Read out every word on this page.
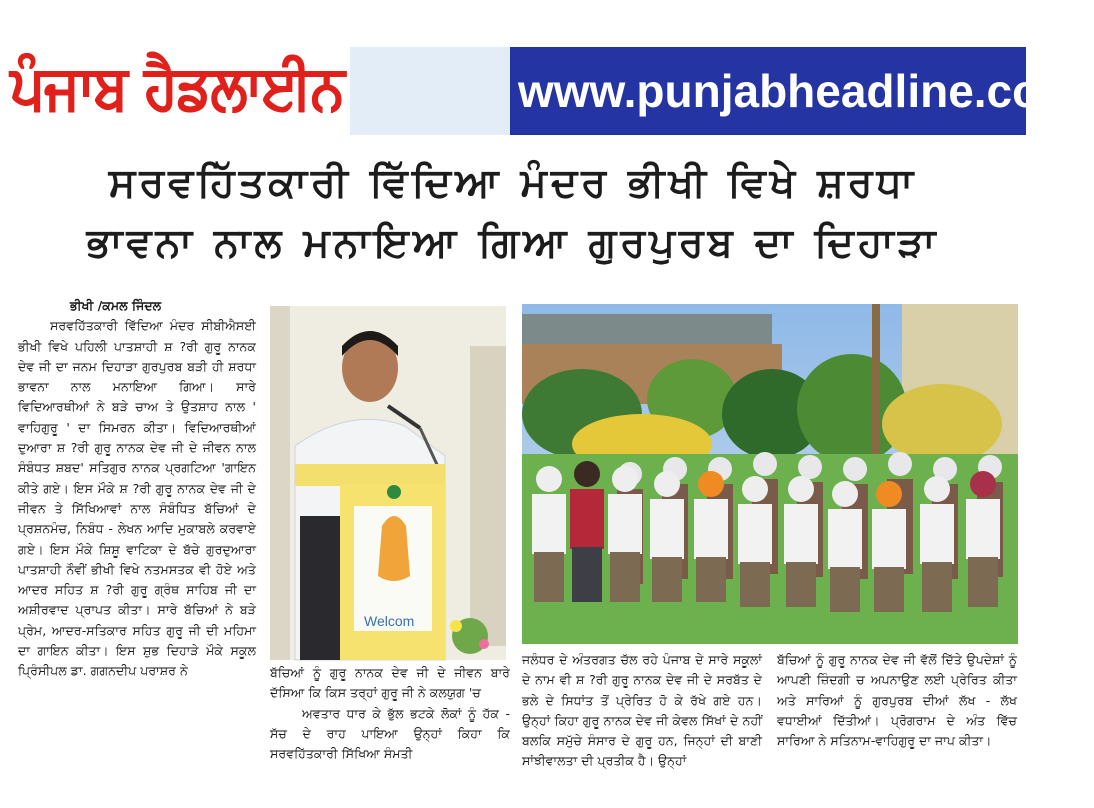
ਪੰਜਾਬ ਹੈਡਲਾਈਨ	www.punjabheadline.co.in
ਸਰਵਹਿੱਤਕਾਰੀ ਵਿੱਦਿਆ ਮੰਦਰ ਭੀਖੀ ਵਿਖੇ ਸ਼ਰਧਾ
ਭਾਵਨਾ ਨਾਲ ਮਨਾਇਆ ਗਿਆ ਗੁਰਪੁਰਬ ਦਾ ਦਿਹਾੜਾ

ਭੀਖੀ /ਕਮਲ ਜਿੰਦਲ

ਸਰਵਹਿੱਤਕਾਰੀ ਵਿੱਦਿਆ ਮੰਦਰ ਸੀਬੀਐਸਈ ਭੀਖੀ ਵਿਖੇ ਪਹਿਲੀ ਪਾਤਸ਼ਾਹੀ ਸ਼ ?ਰੀ ਗੁਰੂ ਨਾਨਕ ਦੇਵ ਜੀ ਦਾ ਜਨਮ ਦਿਹਾੜਾ ਗੁਰਪੁਰਬ ਬੜੀ ਹੀ ਸ਼ਰਧਾ ਭਾਵਨਾ ਨਾਲ ਮਨਾਇਆ ਗਿਆ। ਸਾਰੇ ਵਿਦਿਆਰਥੀਆਂ ਨੇ ਬੜੇ ਚਾਅ ਤੇ ਉਤਸ਼ਾਹ ਨਾਲ ' ਵਾਹਿਗੁਰੂ ' ਦਾ ਸਿਮਰਨ ਕੀਤਾ। ਵਿਦਿਆਰਥੀਆਂ ਦੁਆਰਾ ਸ਼ ?ਰੀ ਗੁਰੂ ਨਾਨਕ ਦੇਵ ਜੀ ਦੇ ਜੀਵਨ ਨਾਲ ਸੰਬੰਧਤ ਸ਼ਬਦ' ਸਤਿਗੁਰ ਨਾਨਕ ਪ੍ਰਗਟਿਆ 'ਗਾਇਨ ਕੀਤੇ ਗਏ। ਇਸ ਮੌਕੇ ਸ਼ ?ਰੀ ਗੁਰੂ ਨਾਨਕ ਦੇਵ ਜੀ ਦੇ ਜੀਵਨ ਤੇ ਸਿੱਖਿਆਵਾਂ ਨਾਲ ਸੰਬੰਧਿਤ ਬੱਚਿਆਂ ਦੇ ਪ੍ਰਸ਼ਨਮੰਚ, ਨਿਬੰਧ - ਲੇਖਨ ਆਦਿ ਮੁਕਾਬਲੇ ਕਰਵਾਏ ਗਏ। ਇਸ ਮੌਕੇ ਸ਼ਿਸ਼ੂ ਵਾਟਿਕਾ ਦੇ ਬੱਚੇ ਗੁਰਦੁਆਰਾ ਪਾਤਸ਼ਾਹੀ ਨੌਵੀਂ ਭੀਖੀ ਵਿਖੇ ਨਤਮਸਤਕ ਵੀ ਹੋਏ ਅਤੇ ਆਦਰ ਸਹਿਤ ਸ਼ ?ਰੀ ਗੁਰੂ ਗ੍ਰੰਥ ਸਾਹਿਬ ਜੀ ਦਾ ਅਸ਼ੀਰਵਾਦ ਪ੍ਰਾਪਤ ਕੀਤਾ। ਸਾਰੇ ਬੱਚਿਆਂ ਨੇ ਬੜੇ ਪ੍ਰੇਮ, ਆਦਰ-ਸਤਿਕਾਰ ਸਹਿਤ ਗੁਰੂ ਜੀ ਦੀ ਮਹਿਮਾ ਦਾ ਗਾਇਨ ਕੀਤਾ। ਇਸ ਸ਼ੁਭ ਦਿਹਾੜੇ ਮੌਕੇ ਸਕੂਲ ਪ੍ਰਿੰਸੀਪਲ ਡਾ. ਗਗਨਦੀਪ ਪਰਾਸ਼ਰ ਨੇ

Welcom

ਬੱਚਿਆਂ ਨੂੰ ਗੁਰੂ ਨਾਨਕ ਦੇਵ ਜੀ ਦੇ ਜੀਵਨ ਬਾਰੇ ਦੱਸਿਆ ਕਿ ਕਿਸ ਤਰ੍ਹਾਂ ਗੁਰੂ ਜੀ ਨੇ ਕਲਯੁਗ 'ਚ

ਅਵਤਾਰ ਧਾਰ ਕੇ ਭੁੱਲ ਭਟਕੇ ਲੋਕਾਂ ਨੂੰ ਹੱਕ - ਸੱਚ ਦੇ ਰਾਹ ਪਾਇਆ ਉਨ੍ਹਾਂ ਕਿਹਾ ਕਿ ਸਰਵਹਿੱਤਕਾਰੀ ਸਿੱਖਿਆ ਸੰਮਤੀ

ਜਲੰਧਰ ਦੇ ਅੰਤਰਗਤ ਚੱਲ ਰਹੇ ਪੰਜਾਬ ਦੇ ਸਾਰੇ ਸਕੂਲਾਂ ਦੇ ਨਾਮ ਵੀ ਸ਼ ?ਰੀ ਗੁਰੂ ਨਾਨਕ ਦੇਵ ਜੀ ਦੇ ਸਰਬੱਤ ਦੇ ਭਲੇ ਦੇ ਸਿਧਾਂਤ ਤੋਂ ਪ੍ਰੇਰਿਤ ਹੋ ਕੇ ਰੱਖੇ ਗਏ ਹਨ। ਉਨ੍ਹਾਂ ਕਿਹਾ ਗੁਰੂ ਨਾਨਕ ਦੇਵ ਜੀ ਕੇਵਲ ਸਿੱਖਾਂ ਦੇ ਨਹੀਂ ਬਲਕਿ ਸਮੁੱਚੇ ਸੰਸਾਰ ਦੇ ਗੁਰੂ ਹਨ, ਜਿਨ੍ਹਾਂ ਦੀ ਬਾਣੀ ਸਾਂਝੀਵਾਲਤਾ ਦੀ ਪ੍ਰਤੀਕ ਹੈ। ਉਨ੍ਹਾਂ

ਬੱਚਿਆਂ ਨੂੰ ਗੁਰੂ ਨਾਨਕ ਦੇਵ ਜੀ ਵੱਲੋਂ ਦਿੱਤੇ ਉਪਦੇਸ਼ਾਂ ਨੂੰ ਆਪਣੀ ਜ਼ਿੰਦਗੀ ਚ ਅਪਨਾਉਣ ਲਈ ਪ੍ਰੇਰਿਤ ਕੀਤਾ ਅਤੇ ਸਾਰਿਆਂ ਨੂੰ ਗੁਰਪੁਰਬ ਦੀਆਂ ਲੱਖ - ਲੱਖ ਵਧਾਈਆਂ ਦਿੱਤੀਆਂ। ਪ੍ਰੋਗਰਾਮ ਦੇ ਅੰਤ ਵਿੱਚ ਸਾਰਿਆ ਨੇ ਸਤਿਨਾਮ-ਵਾਹਿਗੁਰੂ ਦਾ ਜਾਪ ਕੀਤਾ।
